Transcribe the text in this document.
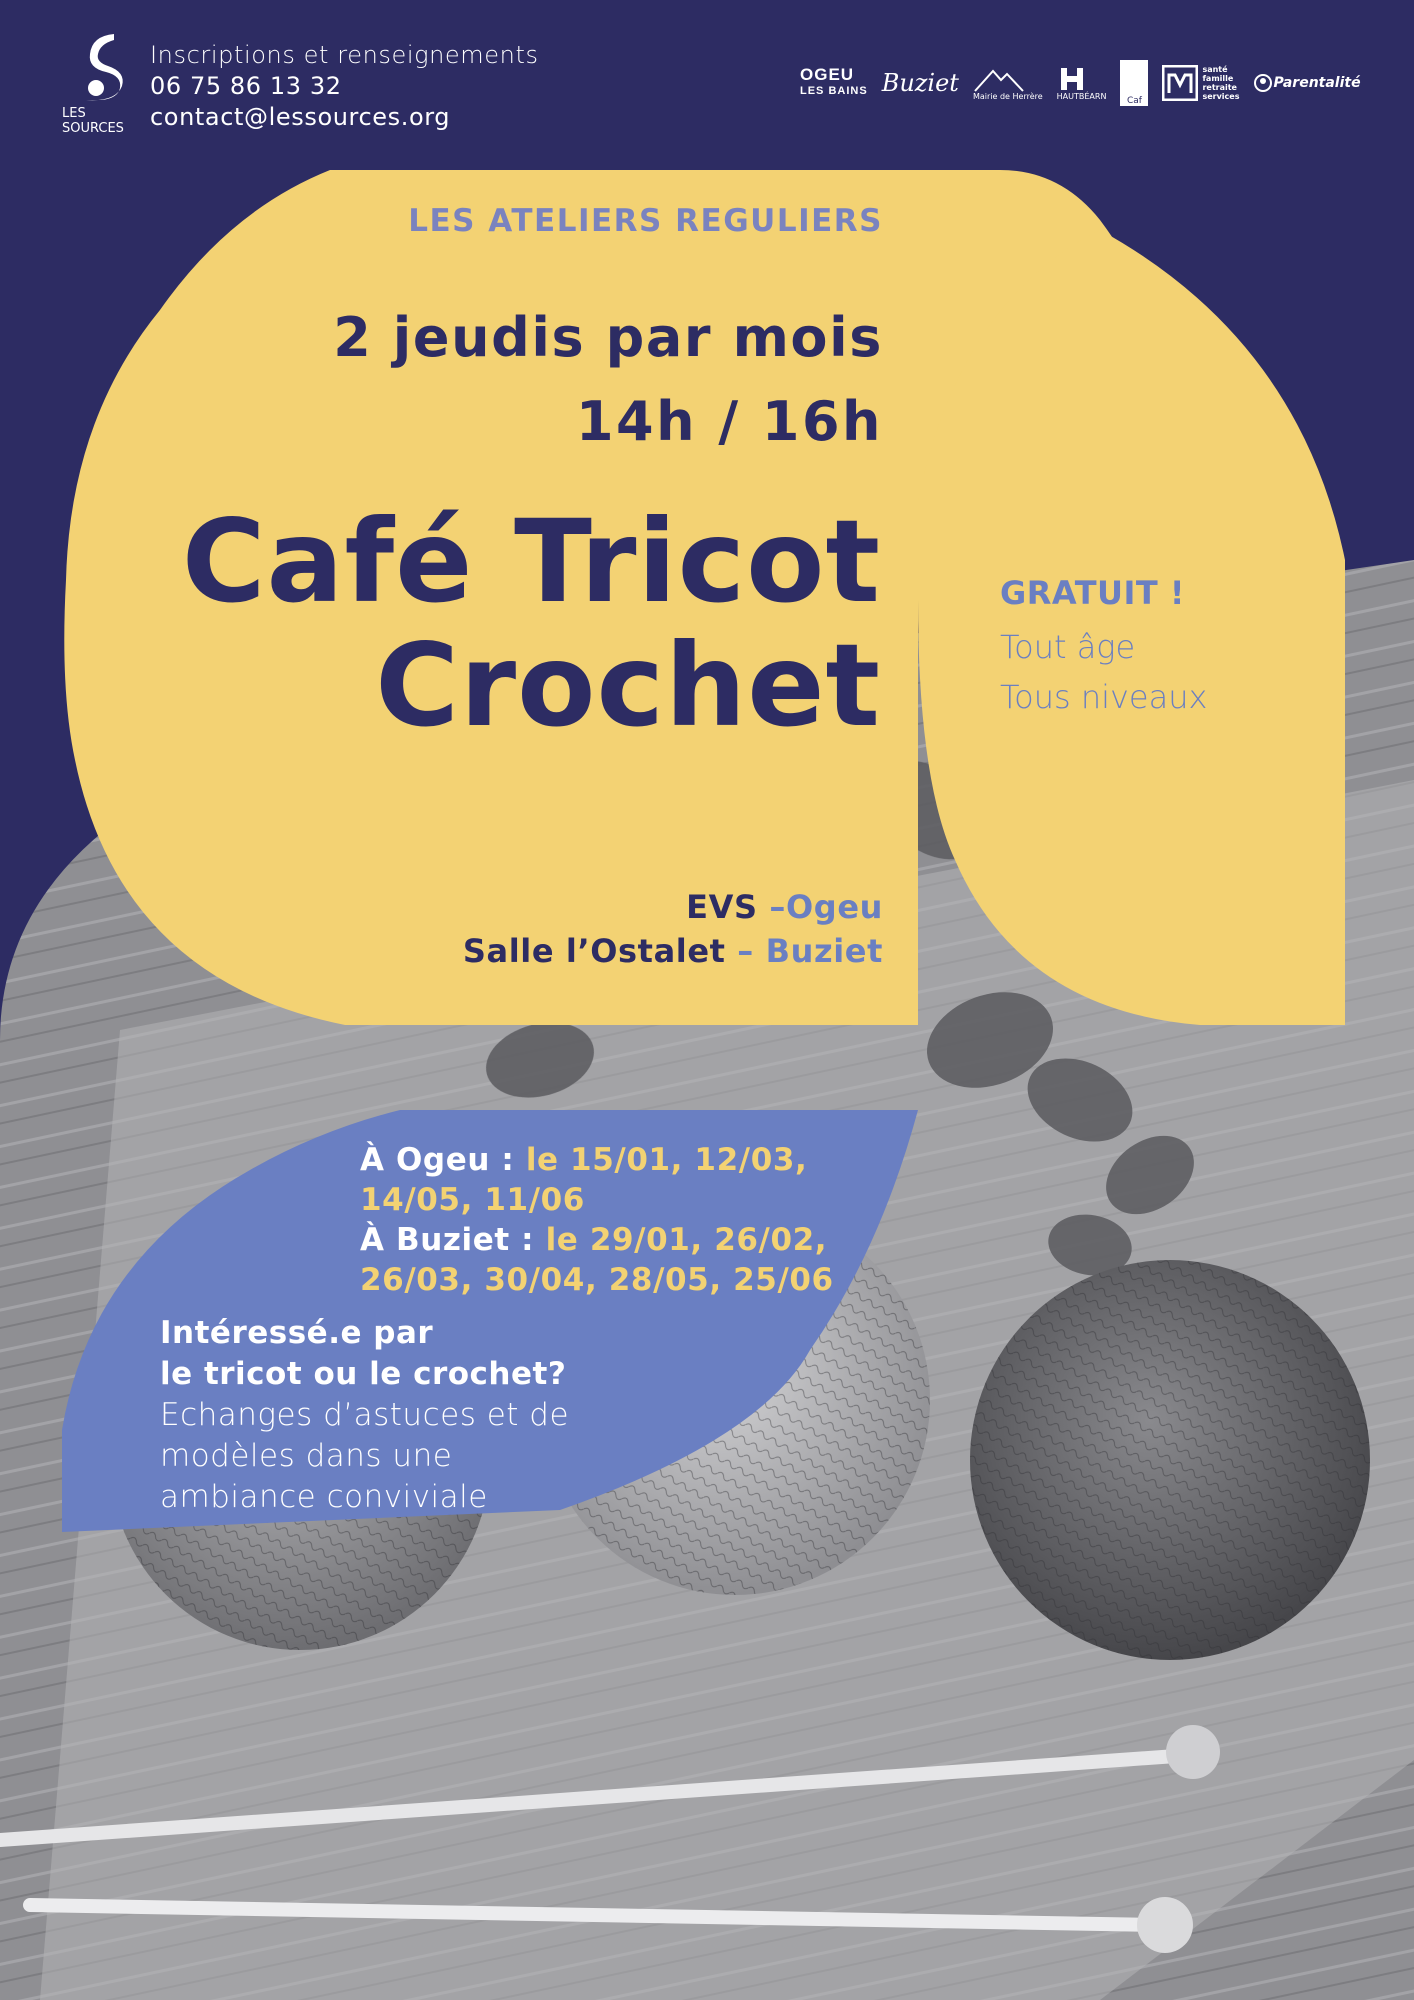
LES SOURCES
Inscriptions et renseignements
06 75 86 13 32
contact@lessources.org
OGEU
LES BAINS Buziet Mairie de Herrère HAUTBÉARN	Caf
santé
famille
retraite
services
Parentalité
LES ATELIERS REGULIERS
2 jeudis par mois
14h / 16h
Café Tricot
Crochet
EVS –Ogeu
Salle l’Ostalet – Buziet
GRATUIT !
Tout âge
Tous niveaux
À Ogeu : le 15/01, 12/03,
14/05, 11/06
À Buziet : le 29/01, 26/02,
26/03, 30/04, 28/05, 25/06
Intéressé.e par
le tricot ou le crochet?
Echanges d’astuces et de
modèles dans une
ambiance conviviale
